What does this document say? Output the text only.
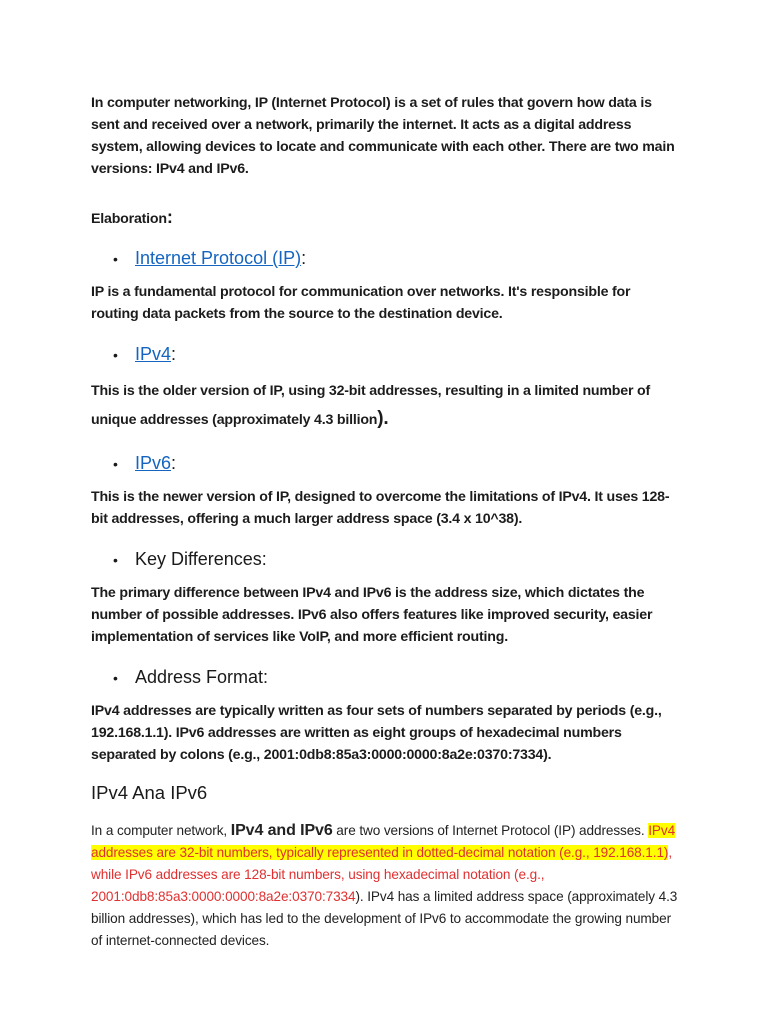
In computer networking, IP (Internet Protocol) is a set of rules that govern how data is sent and received over a network, primarily the internet. It acts as a digital address system, allowing devices to locate and communicate with each other. There are two main versions: IPv4 and IPv6.

Elaboration:

• Internet Protocol (IP):

IP is a fundamental protocol for communication over networks. It's responsible for routing data packets from the source to the destination device.

• IPv4:

This is the older version of IP, using 32-bit addresses, resulting in a limited number of unique addresses (approximately 4.3 billion).

• IPv6:

This is the newer version of IP, designed to overcome the limitations of IPv4. It uses 128-bit addresses, offering a much larger address space (3.4 x 10^38).

• Key Differences:

The primary difference between IPv4 and IPv6 is the address size, which dictates the number of possible addresses. IPv6 also offers features like improved security, easier implementation of services like VoIP, and more efficient routing.

• Address Format:

IPv4 addresses are typically written as four sets of numbers separated by periods (e.g., 192.168.1.1). IPv6 addresses are written as eight groups of hexadecimal numbers separated by colons (e.g., 2001:0db8:85a3:0000:0000:8a2e:0370:7334).

IPv4 Ana IPv6

In a computer network, IPv4 and IPv6 are two versions of Internet Protocol (IP) addresses. IPv4 addresses are 32-bit numbers, typically represented in dotted-decimal notation (e.g., 192.168.1.1), while IPv6 addresses are 128-bit numbers, using hexadecimal notation (e.g., 2001:0db8:85a3:0000:0000:8a2e:0370:7334). IPv4 has a limited address space (approximately 4.3 billion addresses), which has led to the development of IPv6 to accommodate the growing number of internet-connected devices.
